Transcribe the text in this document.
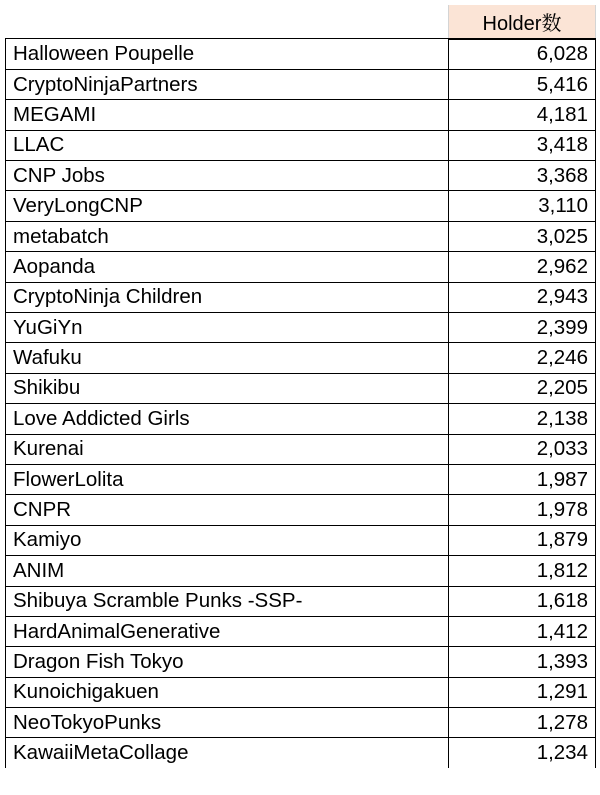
	Holder数
Halloween Poupelle	6,028
CryptoNinjaPartners	5,416
MEGAMI	4,181
LLAC	3,418
CNP Jobs	3,368
VeryLongCNP	3,110
metabatch	3,025
Aopanda	2,962
CryptoNinja Children	2,943
YuGiYn	2,399
Wafuku	2,246
Shikibu	2,205
Love Addicted Girls	2,138
Kurenai	2,033
FlowerLolita	1,987
CNPR	1,978
Kamiyo	1,879
ANIM	1,812
Shibuya Scramble Punks -SSP-	1,618
HardAnimalGenerative	1,412
Dragon Fish Tokyo	1,393
Kunoichigakuen	1,291
NeoTokyoPunks	1,278
KawaiiMetaCollage	1,234
